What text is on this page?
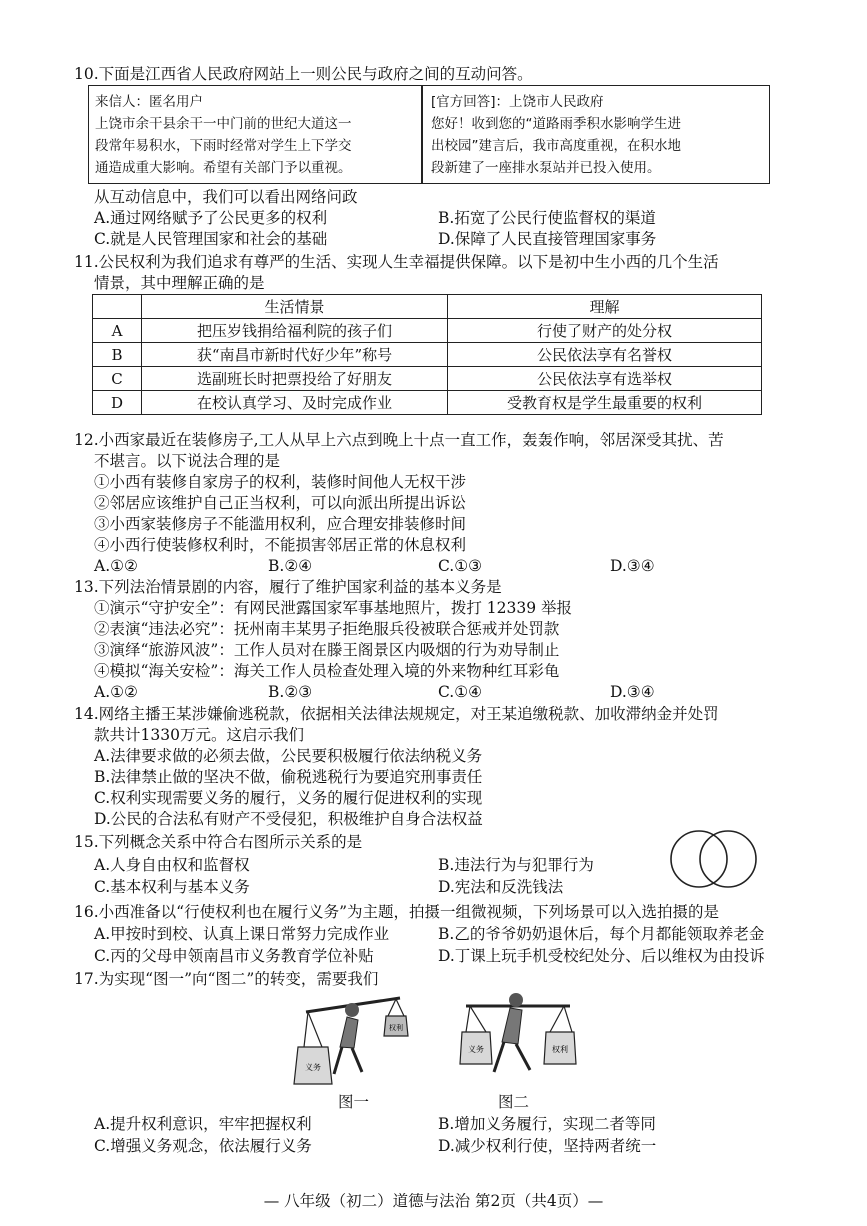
10.下面是江西省人民政府网站上一则公民与政府之间的互动问答。
来信人：匿名用户
上饶市余干县余干一中门前的世纪大道这一
段常年易积水，下雨时经常对学生上下学交
通造成重大影响。希望有关部门予以重视。
[官方回答]：上饶市人民政府
您好！收到您的“道路雨季积水影响学生进
出校园”建言后，我市高度重视，在积水地
段新建了一座排水泵站并已投入使用。
从互动信息中，我们可以看出网络问政
A.通过网络赋予了公民更多的权利	B.拓宽了公民行使监督权的渠道
C.就是人民管理国家和社会的基础	D.保障了人民直接管理国家事务
11.公民权利为我们追求有尊严的生活、实现人生幸福提供保障。以下是初中生小西的几个生活
情景，其中理解正确的是
	生活情景	理解
A	把压岁钱捐给福利院的孩子们	行使了财产的处分权
B	获“南昌市新时代好少年”称号	公民依法享有名誉权
C	选副班长时把票投给了好朋友	公民依法享有选举权
D	在校认真学习、及时完成作业	受教育权是学生最重要的权利
12.小西家最近在装修房子,工人从早上六点到晚上十点一直工作，轰轰作响，邻居深受其扰、苦
不堪言。以下说法合理的是
①小西有装修自家房子的权利，装修时间他人无权干涉
②邻居应该维护自己正当权利，可以向派出所提出诉讼
③小西家装修房子不能滥用权利，应合理安排装修时间
④小西行使装修权利时，不能损害邻居正常的休息权利
A.①②	B.②④	C.①③	D.③④
13.下列法治情景剧的内容，履行了维护国家利益的基本义务是
①演示“守护安全”：有网民泄露国家军事基地照片，拨打 12339 举报
②表演“违法必究”：抚州南丰某男子拒绝服兵役被联合惩戒并处罚款
③演绎“旅游风波”：工作人员对在滕王阁景区内吸烟的行为劝导制止
④模拟“海关安检”：海关工作人员检查处理入境的外来物种红耳彩龟
A.①②	B.②③	C.①④	D.③④
14.网络主播王某涉嫌偷逃税款，依据相关法律法规规定，对王某追缴税款、加收滞纳金并处罚
款共计1330万元。这启示我们
A.法律要求做的必须去做，公民要积极履行依法纳税义务
B.法律禁止做的坚决不做，偷税逃税行为要追究刑事责任
C.权利实现需要义务的履行，义务的履行促进权利的实现
D.公民的合法私有财产不受侵犯，积极维护自身合法权益
15.下列概念关系中符合右图所示关系的是
A.人身自由权和监督权	B.违法行为与犯罪行为
C.基本权利与基本义务	D.宪法和反洗钱法
16.小西准备以“行使权利也在履行义务”为主题，拍摄一组微视频，下列场景可以入选拍摄的是
A.甲按时到校、认真上课日常努力完成作业	B.乙的爷爷奶奶退休后，每个月都能领取养老金
C.丙的父母申领南昌市义务教育学位补贴	D.丁课上玩手机受校纪处分、后以维权为由投诉
17.为实现“图一”向“图二”的转变，需要我们
义务
权利
图一
义务	权利
图二
A.提升权利意识，牢牢把握权利	B.增加义务履行，实现二者等同
C.增强义务观念，依法履行义务	D.减少权利行使，坚持两者统一
— 八年级（初二）道德与法治 第2页（共4页）—
